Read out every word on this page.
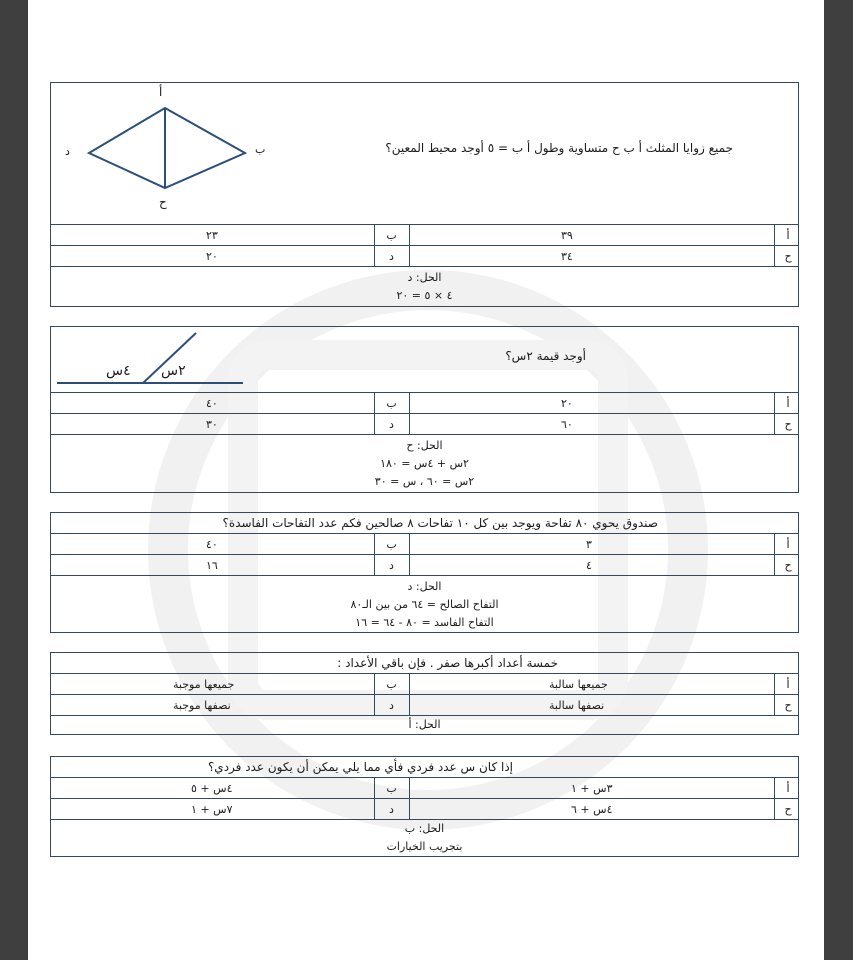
أ
ب
ح
د	جميع زوايا المثلث أ ب ح متساوية وطول أ ب = ٥ أوجد محيط المعين؟
أ
٣٩
ب
٢٣
ح
٣٤
د
٢٠
الحل: د
٤ × ٥ = ٢٠
٢س
٤س
أوجد قيمة ٢س؟
أ
٢٠
ب
٤٠
ح
٦٠
د
٣٠
الحل: ح
٢س + ٤س = ١٨٠
٢س = ٦٠ ، س = ٣٠
صندوق يحوي ٨٠ تفاحة ويوجد بين كل ١٠ تفاحات ٨ صالحين فكم عدد التفاحات الفاسدة؟
أ
٣
ب
٤٠
ح
٤
د
١٦
الحل: د
التفاح الصالح = ٦٤ من بين الـ٨٠
التفاح الفاسد = ٨٠ - ٦٤ = ١٦
خمسة أعداد أكبرها صفر . فإن باقي الأعداد :
أ
جميعها سالبة
جميعها موجبة	ب
ح
نصفها سالبة
د
نصفها موجبة
الحل: أ
إذا كان س عدد فردي فأي مما يلي يمكن أن يكون عدد فردي؟
أ
٣س + ١
ب
٤س + ٥
ح
٤س + ٦
د
٧س + ١
الحل: ب
بتجريب الخيارات
